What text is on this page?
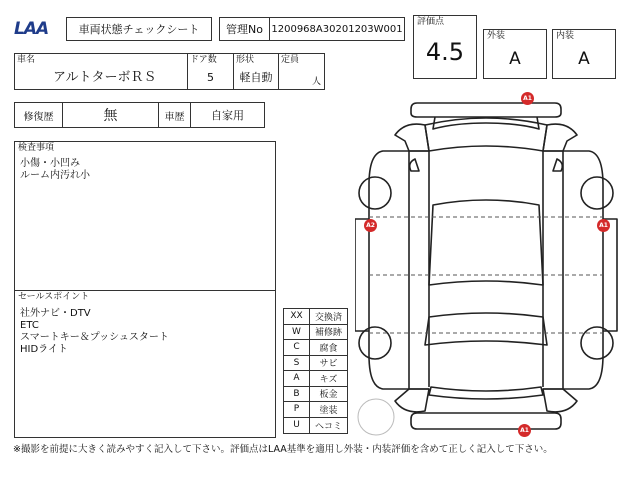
LAA	車両状態チェックシート 管理No 1200968A30201203W001
評価点
4.5
外装
A
内装
A
車名
アルトターボＲＳ
ドア数
5
形状
軽自動
定員
人
修復歴	無	車歴	自家用
検査事項
小傷・小凹み
ルーム内汚れ小
セールスポイント
社外ナビ・DTV
ETC
スマートキー＆プッシュスタート
HIDライト
XX	交換済
W	補修跡
C	腐食
S	サビ
A	キズ
B	板金
P	塗装
U	ヘコミ
A1
A2	A1
A1
※撮影を前提に大きく読みやすく記入して下さい。評価点はLAA基準を適用し外装・内装評価を含めて正しく記入して下さい。
